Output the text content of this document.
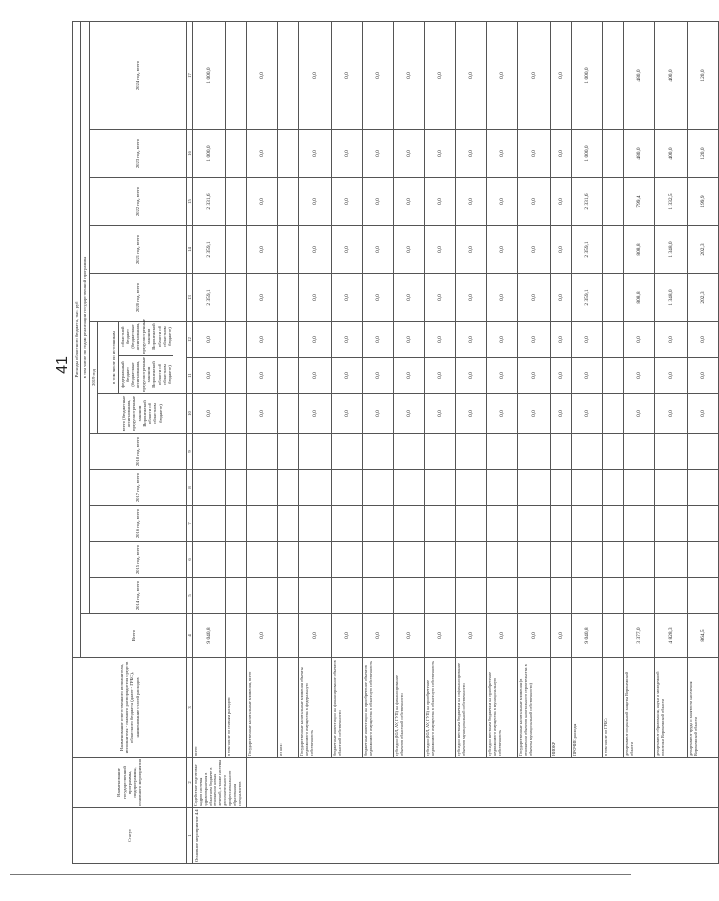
41
Статус	Наименование государственной программы, подпрограммы, основного мероприятия	Наименование ответственного исполнителя, исполнителя - главного распорядителя средств областного бюджета (далее - ГРБС), наименование статей расходов	Расходы областного бюджета, тыс. руб													
			Всего	в том числе по годам реализации государственной программы												
				2014 год, всего	2015 год, всего	2016 год, всего	2017 год, всего	2018 год, всего	2019 год			2020 год, всего	2021 год, всего	2022 год, всего	2023 год, всего	2024 год, всего
									всего (бюджетные ассигнования, предусмотренные законом Воронежской области об областном бюджете)	в том числе по источникам федеральный бюджет (бюджетные ассигнования, предусмотренные законом Воронежской области об областном бюджете)
областной бюджет (бюджетные ассигнования, предусмотренные законом Воронежской области об областном бюджете)						

1	2	3	4	5	6	7	8	9	10	11	12	13	14	15	16	17
Основное мероприятие 4.4	Содействие подготовке кадров системы здравоохранения в областном бюджете в отношении новых лечений, а также системы дополнительного профессионального образования специалистов	всего	9 040,8						0,0	0,0	0,0	2 359,1	2 359,1	2 331,6	1 000,0	1 000,0
		в том числе по статьям расходов:														
		Государственные капитальные вложения, всего	0,0						0,0	0,0	0,0	0,0	0,0	0,0	0,0	0,0
		из них:														
		Государственные капитальные вложения объекты недвижимого имущества в федеральную собственность	0,0						0,0	0,0	0,0	0,0	0,0	0,0	0,0	0,0
		бюджетные инвестиции на финансирование объектов областной собственности	0,0						0,0	0,0	0,0	0,0	0,0	0,0	0,0	0,0
		бюджетные инвестиции на приобретение объектов недвижимого имущества в областную собственность	0,0						0,0	0,0	0,0	0,0	0,0	0,0	0,0	0,0
		субсидии (ЮЛ, АУ, ГУП) на финансирование объектов областной собственности	0,0						0,0	0,0	0,0	0,0	0,0	0,0	0,0	0,0
		субсидии (ЮЛ, АУ, ГУП) на приобретение недвижимого имущества в областную собственность	0,0						0,0	0,0	0,0	0,0	0,0	0,0	0,0	0,0
		субсидии местным бюджетам на софинансирование объектов муниципальной собственности	0,0						0,0	0,0	0,0	0,0	0,0	0,0	0,0	0,0
		субсидии местным бюджетам на приобретение недвижимого имущества в муниципальную собственность	0,0						0,0	0,0	0,0	0,0	0,0	0,0	0,0	0,0
		Государственные капитальные вложения (в отношении объектов капитального строительства в объекты муниципальной собственности)	0,0						0,0	0,0	0,0	0,0	0,0	0,0	0,0	0,0
		НИОКР	0,0						0,0	0,0	0,0	0,0	0,0	0,0	0,0	0,0
		ПРОЧИЕ расходы	9 040,8						0,0	0,0	0,0	2 359,1	2 359,1	2 331,6	1 000,0	1 000,0
		в том числе по ГРБС:														
		департамент социальной защиты Воронежской области	3 377,0						0,0	0,0	0,0	808,8	808,8	799,4	480,0	480,0
		департамент образования, науки и молодежной политики Воронежской области	4 828,3						0,0	0,0	0,0	1 348,0	1 348,0	1 332,5	400,0	400,0
		департамент труда и занятости населения Воронежской области	864,5						0,0	0,0	0,0	202,3	202,3	199,9	120,0	120,0
